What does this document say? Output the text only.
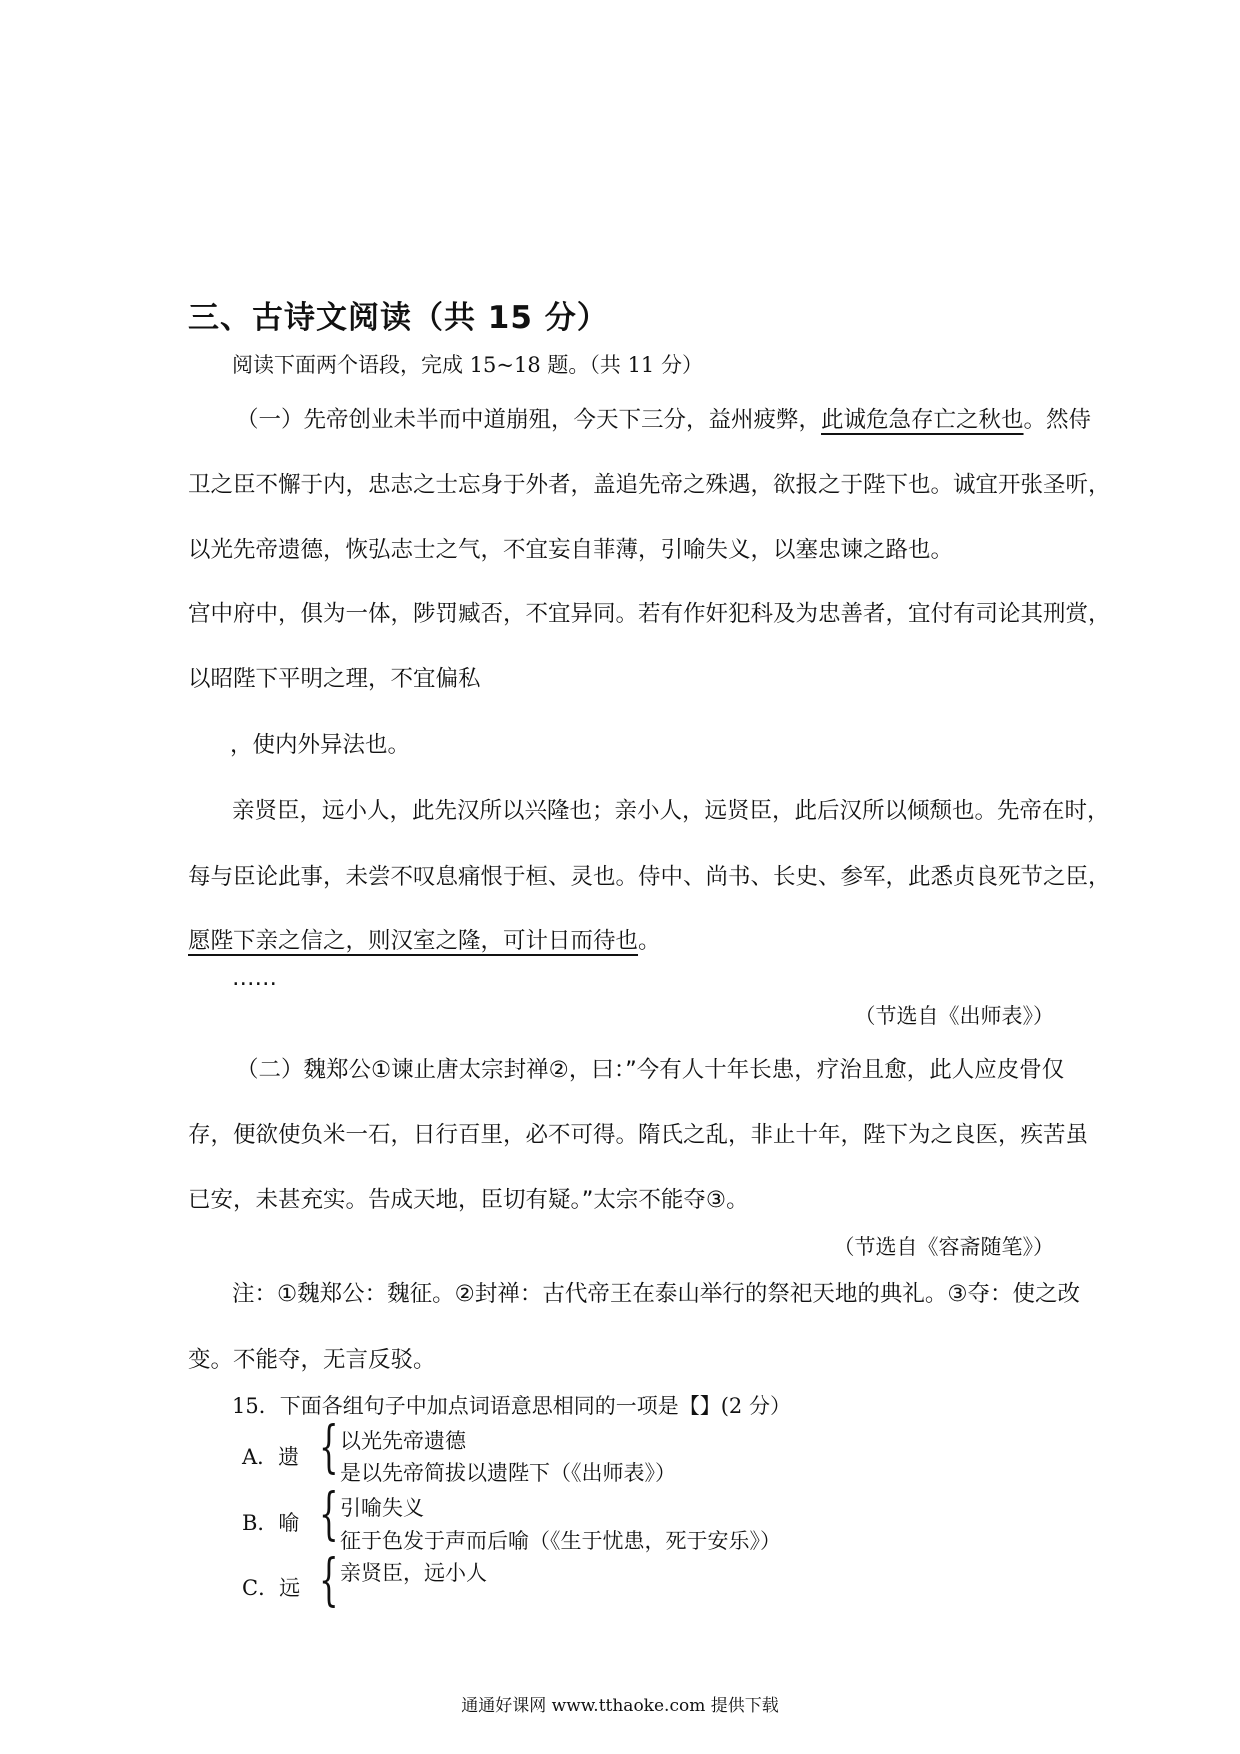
三、古诗文阅读（共 15 分）
阅读下面两个语段，完成 15~18 题。（共 11 分）
（一）先帝创业未半而中道崩殂，今天下三分，益州疲弊，此诚危急存亡之秋也。然侍
卫之臣不懈于内，忠志之士忘身于外者，盖追先帝之殊遇，欲报之于陛下也。诚宜开张圣听，
以光先帝遗德，恢弘志士之气，不宜妄自菲薄，引喻失义，以塞忠谏之路也。
宫中府中，俱为一体，陟罚臧否，不宜异同。若有作奸犯科及为忠善者，宜付有司论其刑赏，
以昭陛下平明之理，不宜偏私
，使内外异法也。
亲贤臣，远小人，此先汉所以兴隆也；亲小人，远贤臣，此后汉所以倾颓也。先帝在时，
每与臣论此事，未尝不叹息痛恨于桓、灵也。侍中、尚书、长史、参军，此悉贞良死节之臣，
愿陛下亲之信之，则汉室之隆，可计日而待也。
……
（节选自《出师表》）
（二）魏郑公①谏止唐太宗封禅②，曰：”今有人十年长患，疗治且愈，此人应皮骨仅
存，便欲使负米一石，日行百里，必不可得。隋氏之乱，非止十年，陛下为之良医，疾苦虽
已安，未甚充实。告成天地，臣切有疑。”太宗不能夺③。
（节选自《容斋随笔》）
注：①魏郑公：魏征。②封禅：古代帝王在泰山举行的祭祀天地的典礼。③夺：使之改
变。不能夺，无言反驳。
15．下面各组句子中加点词语意思相同的一项是【】(2 分）
A．遗 { 以光先帝遗德
是以先帝简拔以遗陛下（《出师表》）
B．喻 { 引喻失义
征于色发于声而后喻（《生于忧患，死于安乐》）
C．远 { 亲贤臣，远小人
通通好课网 www.tthaoke.com 提供下载
